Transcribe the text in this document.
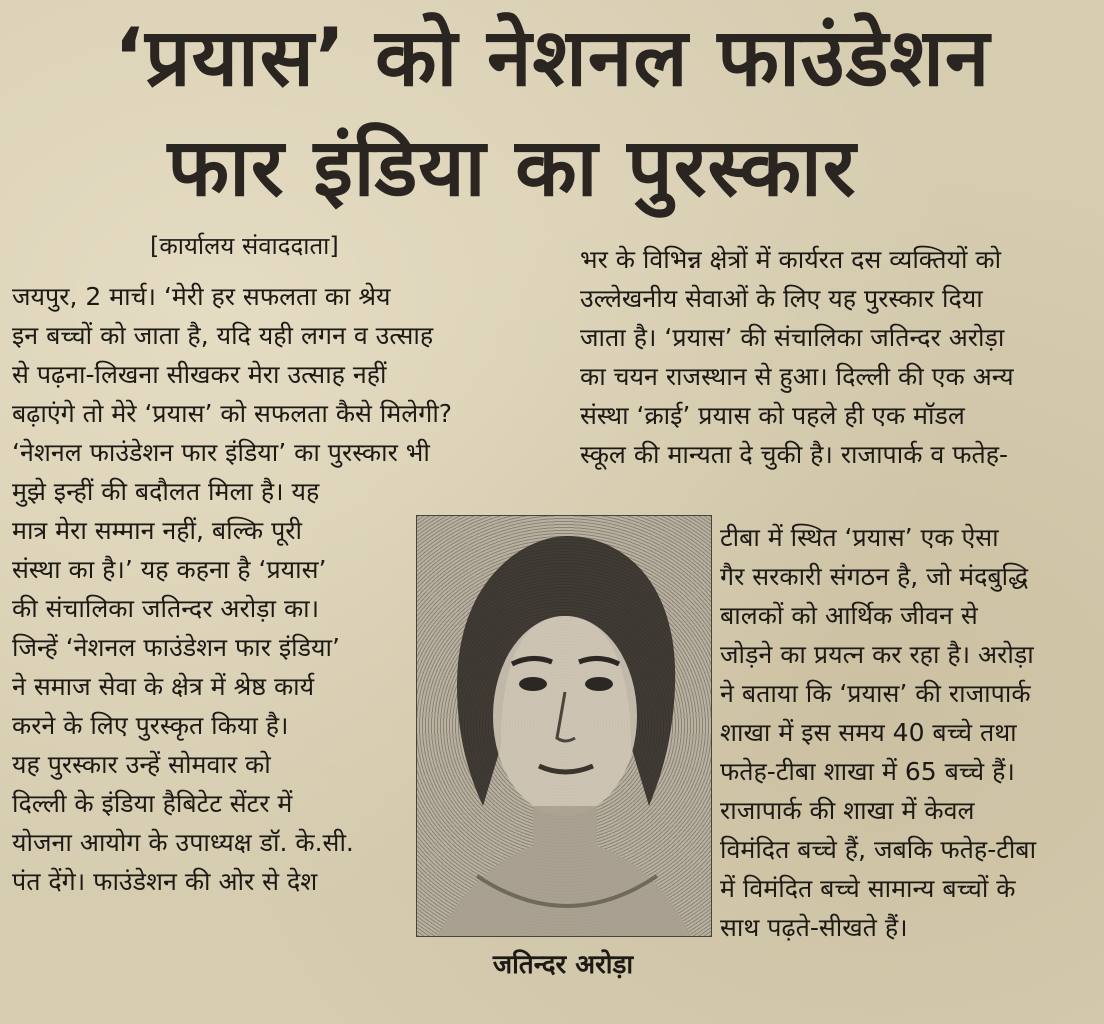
‘प्रयास’ को नेशनल फाउंडेशन
फार इंडिया का पुरस्कार
[कार्यालय संवाददाता]
जयपुर, 2 मार्च। ‘मेरी हर सफलता का श्रेय
इन बच्चों को जाता है, यदि यही लगन व उत्साह
से पढ़ना-लिखना सीखकर मेरा उत्साह नहीं
बढ़ाएंगे तो मेरे ‘प्रयास’ को सफलता कैसे मिलेगी?
‘नेशनल फाउंडेशन फार इंडिया’ का पुरस्कार भी
मुझे इन्हीं की बदौलत मिला है। यह
मात्र मेरा सम्मान नहीं, बल्कि पूरी
संस्था का है।’ यह कहना है ‘प्रयास’
की संचालिका जतिन्दर अरोड़ा का।
जिन्हें ‘नेशनल फाउंडेशन फार इंडिया’
ने समाज सेवा के क्षेत्र में श्रेष्ठ कार्य
करने के लिए पुरस्कृत किया है।
यह पुरस्कार उन्हें सोमवार को
दिल्ली के इंडिया हैबिटेट सेंटर में
योजना आयोग के उपाध्यक्ष डॉ. के.सी.
पंत देंगे। फाउंडेशन की ओर से देश
भर के विभिन्न क्षेत्रों में कार्यरत दस व्यक्तियों को
उल्लेखनीय सेवाओं के लिए यह पुरस्कार दिया
जाता है। ‘प्रयास’ की संचालिका जतिन्दर अरोड़ा
का चयन राजस्थान से हुआ। दिल्ली की एक अन्य
संस्था ‘क्राई’ प्रयास को पहले ही एक मॉडल
स्कूल की मान्यता दे चुकी है। राजापार्क व फतेह-
टीबा में स्थित ‘प्रयास’ एक ऐसा
गैर सरकारी संगठन है, जो मंदबुद्धि
बालकों को आर्थिक जीवन से
जोड़ने का प्रयत्न कर रहा है। अरोड़ा
ने बताया कि ‘प्रयास’ की राजापार्क
शाखा में इस समय 40 बच्चे तथा
फतेह-टीबा शाखा में 65 बच्चे हैं।
राजापार्क की शाखा में केवल
विमंदित बच्चे हैं, जबकि फतेह-टीबा
में विमंदित बच्चे सामान्य बच्चों के
साथ पढ़ते-सीखते हैं।
जतिन्दर अरोड़ा
